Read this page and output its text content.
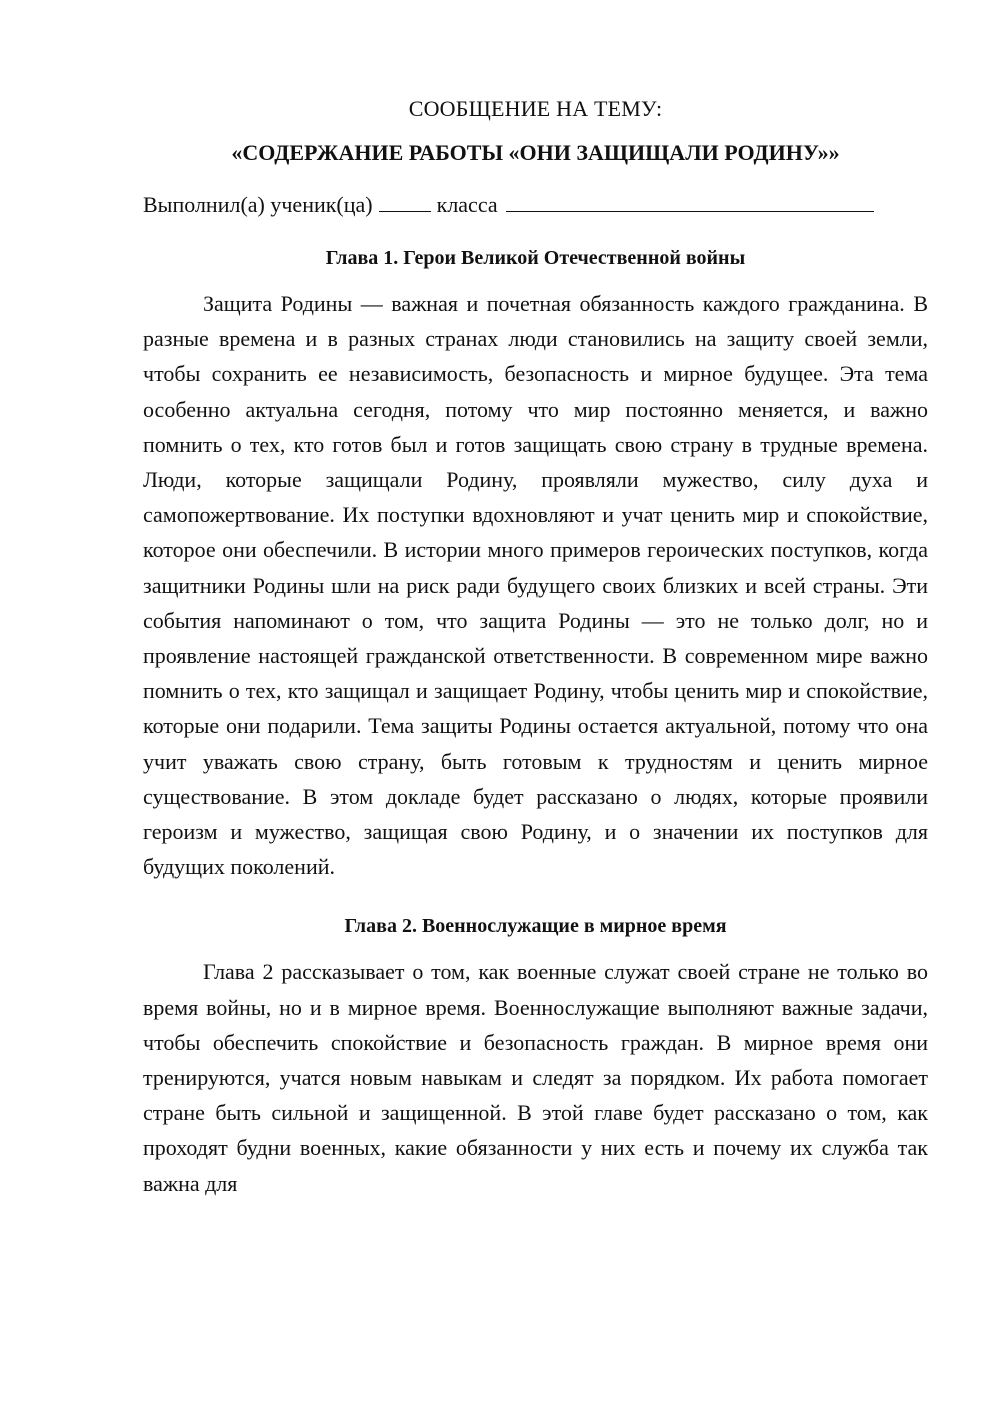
СООБЩЕНИЕ НА ТЕМУ:
«СОДЕРЖАНИЕ РАБОТЫ «ОНИ ЗАЩИЩАЛИ РОДИНУ»»
Выполнил(а) ученик(ца)	класса
Глава 1. Герои Великой Отечественной войны

Защита Родины — важная и почетная обязанность каждого гражданина. В разные времена и в разных странах люди становились на защиту своей земли, чтобы сохранить ее независимость, безопасность и мирное будущее. Эта тема особенно актуальна сегодня, потому что мир постоянно меняется, и важно помнить о тех, кто готов был и готов защищать свою страну в трудные времена. Люди, которые защищали Родину, проявляли мужество, силу духа и самопожертвование. Их поступки вдохновляют и учат ценить мир и спокойствие, которое они обеспечили. В истории много примеров героических поступков, когда защитники Родины шли на риск ради будущего своих близких и всей страны. Эти события напоминают о том, что защита Родины — это не только долг, но и проявление настоящей гражданской ответственности. В современном мире важно помнить о тех, кто защищал и защищает Родину, чтобы ценить мир и спокойствие, которые они подарили. Тема защиты Родины остается актуальной, потому что она учит уважать свою страну, быть готовым к трудностям и ценить мирное существование. В этом докладе будет рассказано о людях, которые проявили героизм и мужество, защищая свою Родину, и о значении их поступков для будущих поколений.

Глава 2. Военнослужащие в мирное время

Глава 2 рассказывает о том, как военные служат своей стране не только во время войны, но и в мирное время. Военнослужащие выполняют важные задачи, чтобы обеспечить спокойствие и безопасность граждан. В мирное время они тренируются, учатся новым навыкам и следят за порядком. Их работа помогает стране быть сильной и защищенной. В этой главе будет рассказано о том, как проходят будни военных, какие обязанности у них есть и почему их служба так важна для
